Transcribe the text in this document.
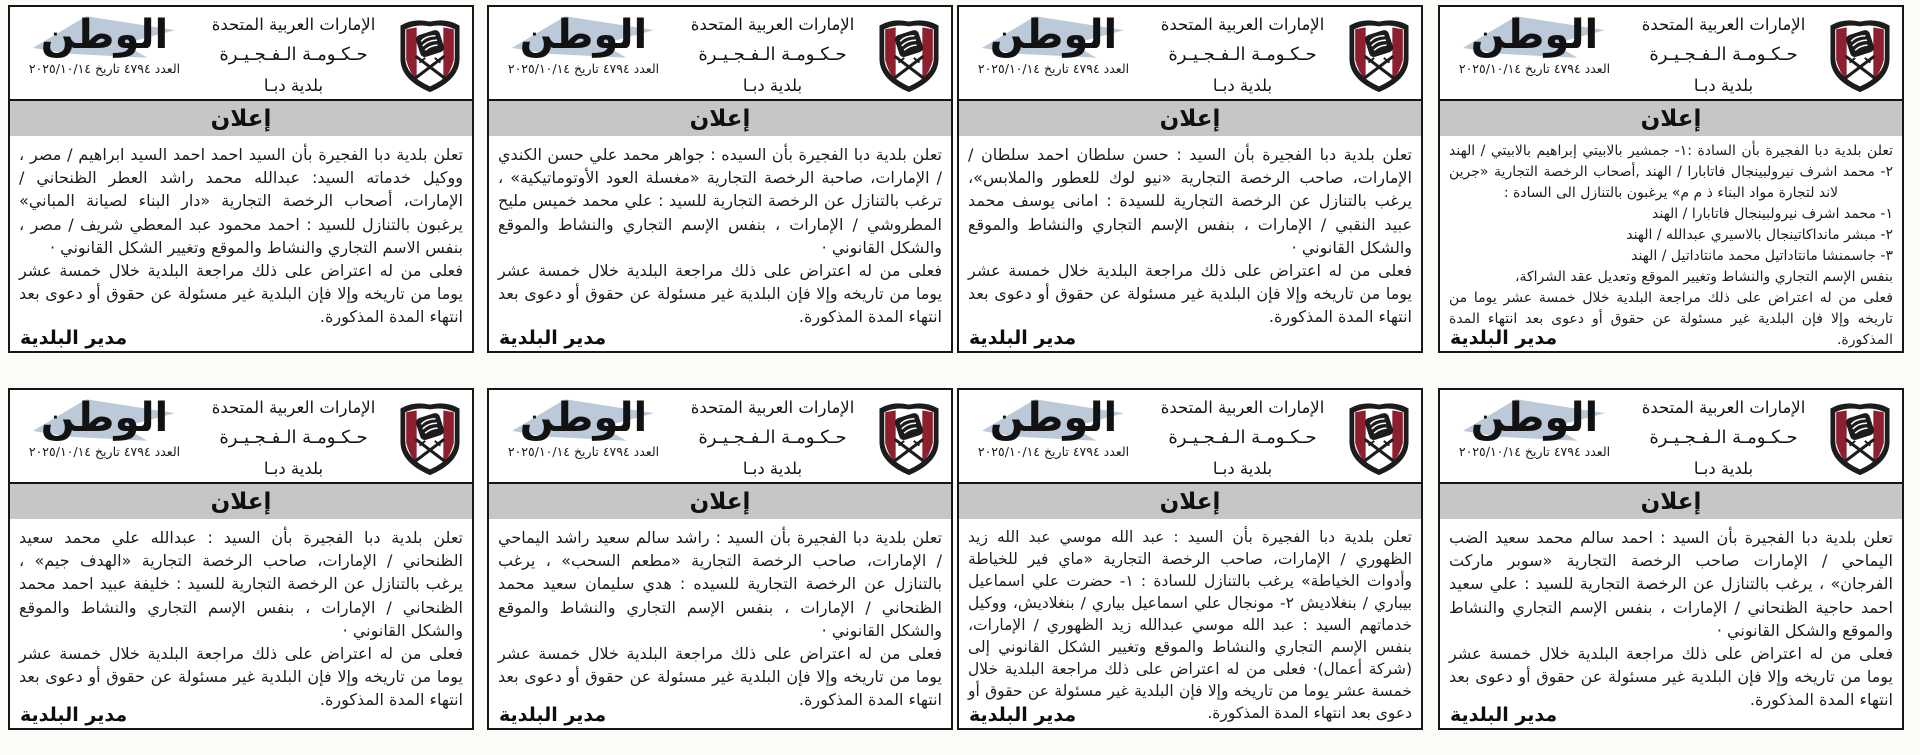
الإمارات العربية المتحدة
حـكـومـة الـفـجـيـرة
بلدية دبـا
الوطن
العدد ٤٧٩٤ تاريخ ٢٠٢٥/١٠/١٤
إعلان

تعلن بلدية دبا الفجيرة بأن السيد احمد احمد السيد ابراهيم / مصر ، ووكيل خدماته السيد: عبدالله محمد راشد العطر الظنحاني / الإمارات، أصحاب الرخصة التجارية «دار البناء لصيانة المباني» يرغبون بالتنازل للسيد : احمد محمود عبد المعطي شريف / مصر ، بنفس الاسم التجاري والنشاط والموقع وتغيير الشكل القانوني ·

فعلى من له اعتراض على ذلك مراجعة البلدية خلال خمسة عشر يوما من تاريخه وإلا فإن البلدية غير مسئولة عن حقوق أو دعوى بعد انتهاء المدة المذكورة.

مدير البلدية
الإمارات العربية المتحدة
حـكـومـة الـفـجـيـرة
بلدية دبـا
الوطن
العدد ٤٧٩٤ تاريخ ٢٠٢٥/١٠/١٤
إعلان

تعلن بلدية دبا الفجيرة بأن السيده : جواهر محمد علي حسن الكندي / الإمارات، صاحبة الرخصة التجارية «مغسلة العود الأوتوماتيكية» ، ترغب بالتنازل عن الرخصة التجارية للسيد : علي محمد خميس مليح المطروشي / الإمارات ، بنفس الإسم التجاري والنشاط والموقع والشكل القانوني ·

فعلى من له اعتراض على ذلك مراجعة البلدية خلال خمسة عشر يوما من تاريخه وإلا فإن البلدية غير مسئولة عن حقوق أو دعوى بعد انتهاء المدة المذكورة.

مدير البلدية
الإمارات العربية المتحدة
حـكـومـة الـفـجـيـرة
بلدية دبـا
الوطن
العدد ٤٧٩٤ تاريخ ٢٠٢٥/١٠/١٤
إعلان

تعلن بلدية دبا الفجيرة بأن السيد : حسن سلطان احمد سلطان / الإمارات، صاحب الرخصة التجارية «نيو لوك للعطور والملابس»، يرغب بالتنازل عن الرخصة التجارية للسيدة : امانى يوسف محمد عبيد النقبي / الإمارات ، بنفس الإسم التجاري والنشاط والموقع والشكل القانوني ·

فعلى من له اعتراض على ذلك مراجعة البلدية خلال خمسة عشر يوما من تاريخه وإلا فإن البلدية غير مسئولة عن حقوق أو دعوى بعد انتهاء المدة المذكورة.

مدير البلدية
الإمارات العربية المتحدة
حـكـومـة الـفـجـيـرة
بلدية دبـا
الوطن
العدد ٤٧٩٤ تاريخ ٢٠٢٥/١٠/١٤
إعلان

تعلن بلدية دبا الفجيرة بأن السادة :١- جمشير بالابيتي إبراهيم بالابيتي / الهند ٢- محمد اشرف نيرولبينجال فاتابارا / الهند ,أصحاب الرخصة التجارية «جرين لاند لتجارة مواد البناء ذ م م» يرغبون بالتنازل الى السادة :

١- محمد اشرف نيرولبينجال فاتابارا / الهند

٢- مبشر مانداكاتينجال بالاسيري عبدالله / الهند

٣- جاسمنشا مانتاداتيل محمد مانتاداتيل / الهند

بنفس الإسم التجاري والنشاط وتغيير الموقع وتعديل عقد الشراكة،

فعلى من له اعتراض على ذلك مراجعة البلدية خلال خمسة عشر يوما من تاريخه وإلا فإن البلدية غير مسئولة عن حقوق أو دعوى بعد انتهاء المدة المذكورة.

مدير البلدية
الإمارات العربية المتحدة
حـكـومـة الـفـجـيـرة
بلدية دبـا
الوطن
العدد ٤٧٩٤ تاريخ ٢٠٢٥/١٠/١٤
إعلان

تعلن بلدية دبا الفجيرة بأن السيد : عبدالله علي محمد سعيد الظنحاني / الإمارات، صاحب الرخصة التجارية «الهدف جيم» ، يرغب بالتنازل عن الرخصة التجارية للسيد : خليفة عبيد احمد محمد الظنحاني / الإمارات ، بنفس الإسم التجاري والنشاط والموقع والشكل القانوني ·

فعلى من له اعتراض على ذلك مراجعة البلدية خلال خمسة عشر يوما من تاريخه وإلا فإن البلدية غير مسئولة عن حقوق أو دعوى بعد انتهاء المدة المذكورة.

مدير البلدية
الإمارات العربية المتحدة
حـكـومـة الـفـجـيـرة
بلدية دبـا
الوطن
العدد ٤٧٩٤ تاريخ ٢٠٢٥/١٠/١٤
إعلان

تعلن بلدية دبا الفجيرة بأن السيد : راشد سالم سعيد راشد اليماحي / الإمارات، صاحب الرخصة التجارية «مطعم السحب» ، يرغب بالتنازل عن الرخصة التجارية للسيده : هدي سليمان سعيد محمد الظنحاني / الإمارات ، بنفس الإسم التجاري والنشاط والموقع والشكل القانوني ·

فعلى من له اعتراض على ذلك مراجعة البلدية خلال خمسة عشر يوما من تاريخه وإلا فإن البلدية غير مسئولة عن حقوق أو دعوى بعد انتهاء المدة المذكورة.

مدير البلدية
الإمارات العربية المتحدة
حـكـومـة الـفـجـيـرة
بلدية دبـا
الوطن
العدد ٤٧٩٤ تاريخ ٢٠٢٥/١٠/١٤
إعلان

تعلن بلدية دبا الفجيرة بأن السيد : عبد الله موسي عبد الله زيد الظهوري / الإمارات، صاحب الرخصة التجارية «ماي فير للخياطة وأدوات الخياطة» يرغب بالتنازل للسادة : ١- حضرت علي اسماعيل بيباري / بنغلاديش ٢- مونجال علي اسماعيل بياري / بنغلاديش، ووكيل خدماتهم السيد : عبد الله موسي عبدالله زيد الظهوري / الإمارات، بنفس الإسم التجاري والنشاط والموقع وتغيير الشكل القانوني إلى (شركة أعمال)· فعلى من له اعتراض على ذلك مراجعة البلدية خلال خمسة عشر يوما من تاريخه وإلا فإن البلدية غير مسئولة عن حقوق أو دعوى بعد انتهاء المدة المذكورة.

مدير البلدية
الإمارات العربية المتحدة
حـكـومـة الـفـجـيـرة
بلدية دبـا
الوطن
العدد ٤٧٩٤ تاريخ ٢٠٢٥/١٠/١٤
إعلان

تعلن بلدية دبا الفجيرة بأن السيد : احمد سالم محمد سعيد الضب اليماحي / الإمارات صاحب الرخصة التجارية «سوبر ماركت الفرجان» ، يرغب بالتنازل عن الرخصة التجارية للسيد : علي سعيد احمد حاجية الظنحاني / الإمارات ، بنفس الإسم التجاري والنشاط والموقع والشكل القانوني ·

فعلى من له اعتراض على ذلك مراجعة البلدية خلال خمسة عشر يوما من تاريخه وإلا فإن البلدية غير مسئولة عن حقوق أو دعوى بعد انتهاء المدة المذكورة.

مدير البلدية
